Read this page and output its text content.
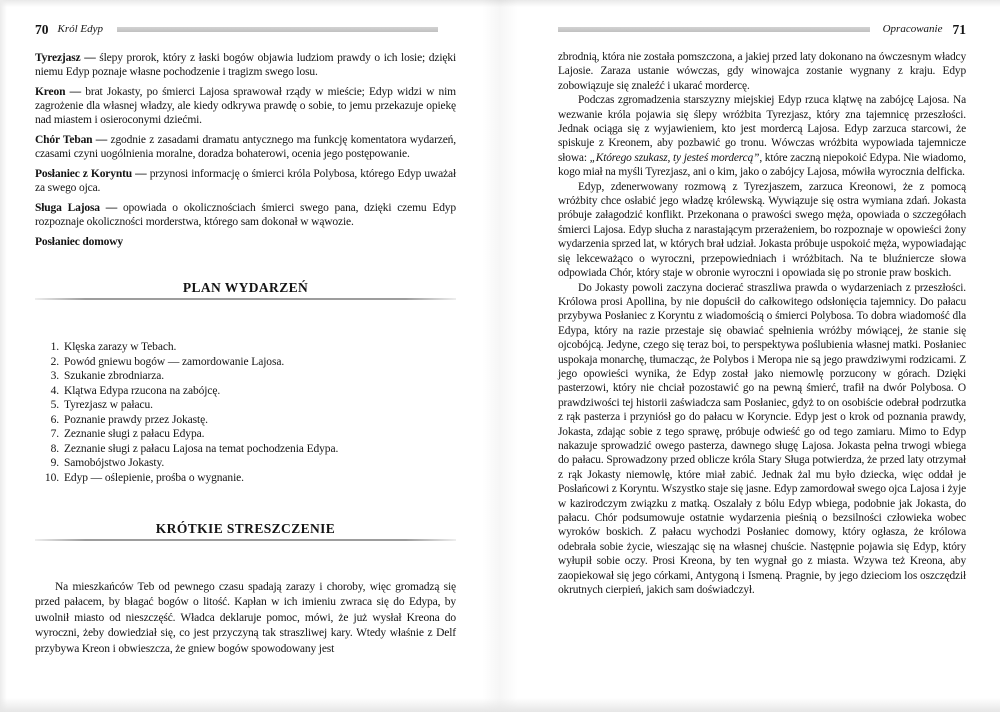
70 Król Edyp

Tyrezjasz — ślepy prorok, który z łaski bogów objawia ludziom prawdy o ich losie; dzięki niemu Edyp poznaje własne pochodzenie i tragizm swego losu.

Kreon — brat Jokasty, po śmierci Lajosa sprawował rządy w mieście; Edyp widzi w nim zagrożenie dla własnej władzy, ale kiedy odkrywa prawdę o sobie, to jemu przekazuje opiekę nad miastem i osieroconymi dziećmi.

Chór Teban — zgodnie z zasadami dramatu antycznego ma funkcję komentatora wydarzeń, czasami czyni uogólnienia moralne, doradza bohaterowi, ocenia jego postępowanie.

Posłaniec z Koryntu — przynosi informację o śmierci króla Polybosa, którego Edyp uważał za swego ojca.

Sługa Lajosa — opowiada o okolicznościach śmierci swego pana, dzięki czemu Edyp rozpoznaje okoliczności morderstwa, którego sam dokonał w wąwozie.

Posłaniec domowy

PLAN WYDARZEŃ
1. Klęska zarazy w Tebach.
2. Powód gniewu bogów — zamordowanie Lajosa.
3. Szukanie zbrodniarza.
4. Klątwa Edypa rzucona na zabójcę.
5. Tyrezjasz w pałacu.
6. Poznanie prawdy przez Jokastę.
7. Zeznanie sługi z pałacu Edypa.
8. Zeznanie sługi z pałacu Lajosa na temat pochodzenia Edypa.
9. Samobójstwo Jokasty.
10. Edyp — oślepienie, prośba o wygnanie.
KRÓTKIE STRESZCZENIE

Na mieszkańców Teb od pewnego czasu spadają zarazy i choroby, więc gromadzą się przed pałacem, by błagać bogów o litość. Kapłan w ich imieniu zwraca się do Edypa, by uwolnił miasto od nieszczęść. Władca deklaruje pomoc, mówi, że już wysłał Kreona do wyroczni, żeby dowiedział się, co jest przyczyną tak straszliwej kary. Wtedy właśnie z Delf przybywa Kreon i obwieszcza, że gniew bogów spowodowany jest

Opracowanie 71

zbrodnią, która nie została pomszczona, a jakiej przed laty dokonano na ówczesnym władcy Lajosie. Zaraza ustanie wówczas, gdy winowajca zostanie wygnany z kraju. Edyp zobowiązuje się znaleźć i ukarać mordercę.

Podczas zgromadzenia starszyzny miejskiej Edyp rzuca klątwę na zabójcę Lajosa. Na wezwanie króla pojawia się ślepy wróżbita Tyrezjasz, który zna tajemnicę przeszłości. Jednak ociąga się z wyjawieniem, kto jest mordercą Lajosa. Edyp zarzuca starcowi, że spiskuje z Kreonem, aby pozbawić go tronu. Wówczas wróżbita wypowiada tajemnicze słowa: „Którego szukasz, ty jesteś mordercą”, które zaczną niepokoić Edypa. Nie wiadomo, kogo miał na myśli Tyrezjasz, ani o kim, jako o zabójcy Lajosa, mówiła wyrocznia delficka.

Edyp, zdenerwowany rozmową z Tyrezjaszem, zarzuca Kreonowi, że z pomocą wróżbity chce osłabić jego władzę królewską. Wywiązuje się ostra wymiana zdań. Jokasta próbuje załagodzić konflikt. Przekonana o prawości swego męża, opowiada o szczegółach śmierci Lajosa. Edyp słucha z narastającym przerażeniem, bo rozpoznaje w opowieści żony wydarzenia sprzed lat, w których brał udział. Jokasta próbuje uspokoić męża, wypowiadając się lekceważąco o wyroczni, przepowiedniach i wróżbitach. Na te bluźniercze słowa odpowiada Chór, który staje w obronie wyroczni i opowiada się po stronie praw boskich.

Do Jokasty powoli zaczyna docierać straszliwa prawda o wydarzeniach z przeszłości. Królowa prosi Apollina, by nie dopuścił do całkowitego odsłonięcia tajemnicy. Do pałacu przybywa Posłaniec z Koryntu z wiadomością o śmierci Polybosa. To dobra wiadomość dla Edypa, który na razie przestaje się obawiać spełnienia wróżby mówiącej, że stanie się ojcobójcą. Jedyne, czego się teraz boi, to perspektywa poślubienia własnej matki. Posłaniec uspokaja monarchę, tłumacząc, że Polybos i Meropa nie są jego prawdziwymi rodzicami. Z jego opowieści wynika, że Edyp został jako niemowlę porzucony w górach. Dzięki pasterzowi, który nie chciał pozostawić go na pewną śmierć, trafił na dwór Polybosa. O prawdziwości tej historii zaświadcza sam Posłaniec, gdyż to on osobiście odebrał podrzutka z rąk pasterza i przyniósł go do pałacu w Koryncie. Edyp jest o krok od poznania prawdy, Jokasta, zdając sobie z tego sprawę, próbuje odwieść go od tego zamiaru. Mimo to Edyp nakazuje sprowadzić owego pasterza, dawnego sługę Lajosa. Jokasta pełna trwogi wbiega do pałacu. Sprowadzony przed oblicze króla Stary Sługa potwierdza, że przed laty otrzymał z rąk Jokasty niemowlę, które miał zabić. Jednak żal mu było dziecka, więc oddał je Posłańcowi z Koryntu. Wszystko staje się jasne. Edyp zamordował swego ojca Lajosa i żyje w kazirodczym związku z matką. Oszalały z bólu Edyp wbiega, podobnie jak Jokasta, do pałacu. Chór podsumowuje ostatnie wydarzenia pieśnią o bezsilności człowieka wobec wyroków boskich. Z pałacu wychodzi Posłaniec domowy, który ogłasza, że królowa odebrała sobie życie, wieszając się na własnej chuście. Następnie pojawia się Edyp, który wyłupił sobie oczy. Prosi Kreona, by ten wygnał go z miasta. Wzywa też Kreona, aby zaopiekował się jego córkami, Antygoną i Ismeną. Pragnie, by jego dzieciom los oszczędził okrutnych cierpień, jakich sam doświadczył.
